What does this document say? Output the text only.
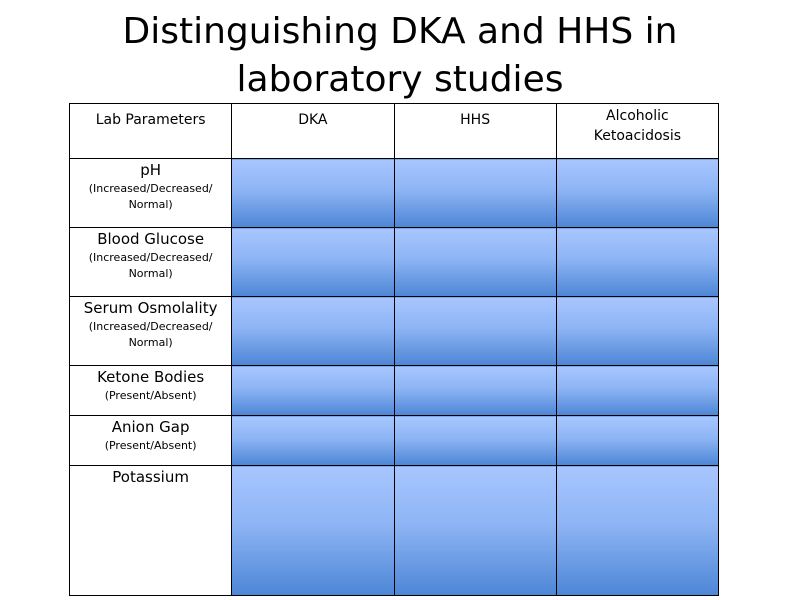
Distinguishing DKA and HHS in
laboratory studies
Lab Parameters	DKA	HHS	Alcoholic Ketoacidosis

pH
(Increased/Decreased/ Normal)			

Blood Glucose
(Increased/Decreased/ Normal)			

Serum Osmolality
(Increased/Decreased/ Normal)			

Ketone Bodies
(Present/Absent)			

Anion Gap
(Present/Absent)			

Potassium			
